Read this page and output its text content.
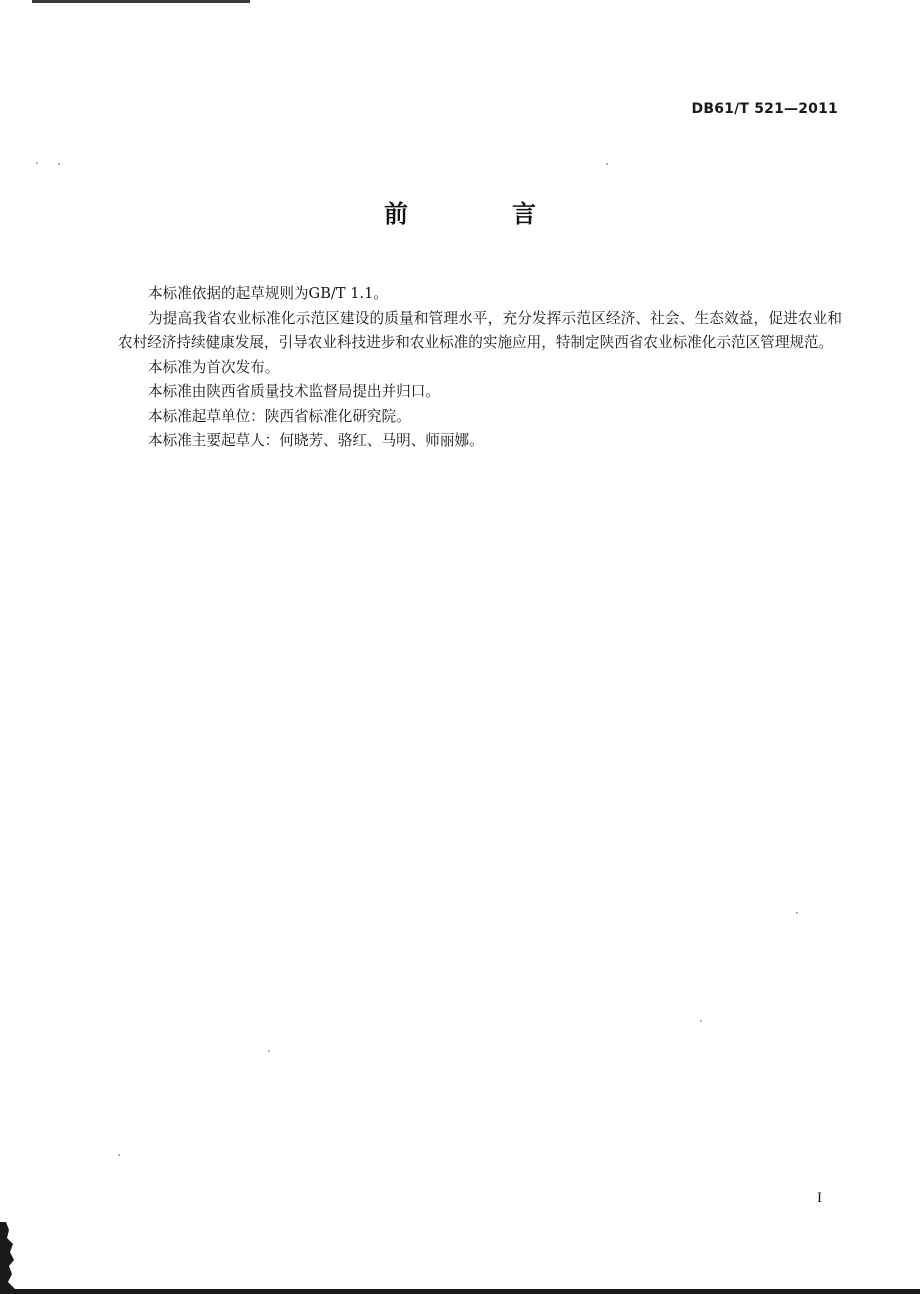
DB61/T 521—2011
前　言

本标准依据的起草规则为GB/T 1.1。

为提高我省农业标准化示范区建设的质量和管理水平，充分发挥示范区经济、社会、生态效益，促进农业和农村经济持续健康发展，引导农业科技进步和农业标准的实施应用，特制定陕西省农业标准化示范区管理规范。

本标准为首次发布。

本标准由陕西省质量技术监督局提出并归口。

本标准起草单位：陕西省标准化研究院。

本标准主要起草人：何晓芳、骆红、马明、师丽娜。

I
